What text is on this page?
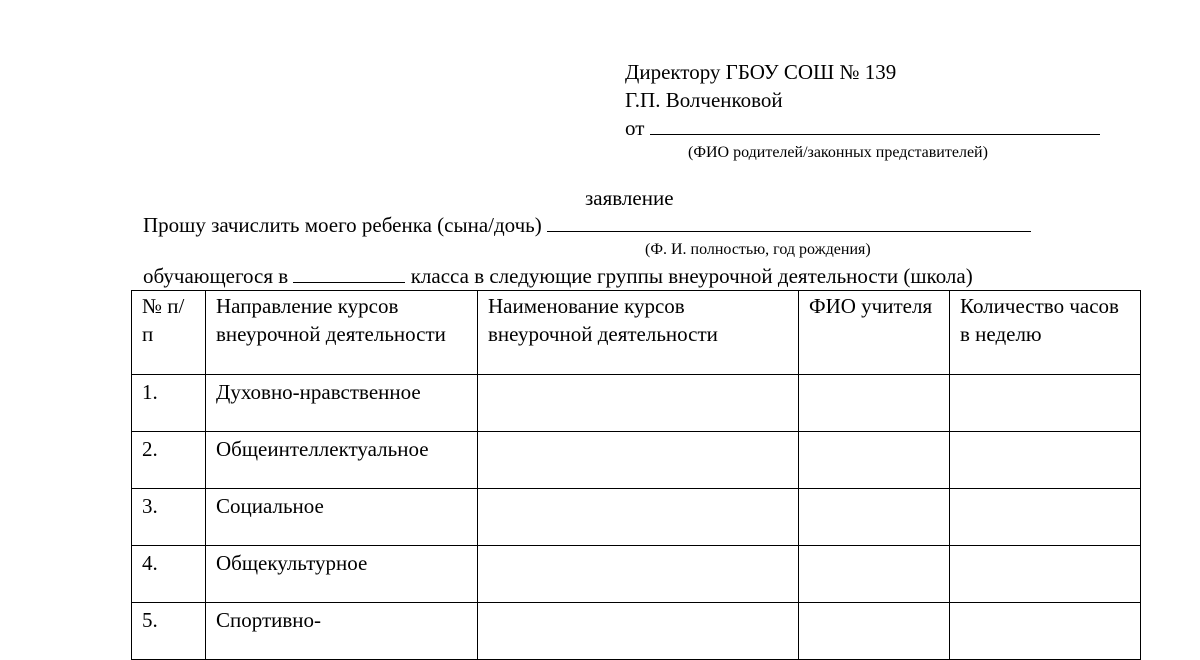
Директору ГБОУ СОШ № 139
Г.П. Волченковой
от
(ФИО родителей/законных представителей)
заявление
Прошу зачислить моего ребенка (сына/дочь)
(Ф. И. полностью, год рождения)
обучающегося в	класса в следующие группы внеурочной деятельности (школа)
№ п/п	Направление курсов внеурочной деятельности	Наименование курсов внеурочной деятельности	ФИО учителя	Количество часов в неделю
1.	Духовно-нравственное			
2.	Общеинтеллектуальное			
3.	Социальное			
4.	Общекультурное			
5.	Спортивно-			
